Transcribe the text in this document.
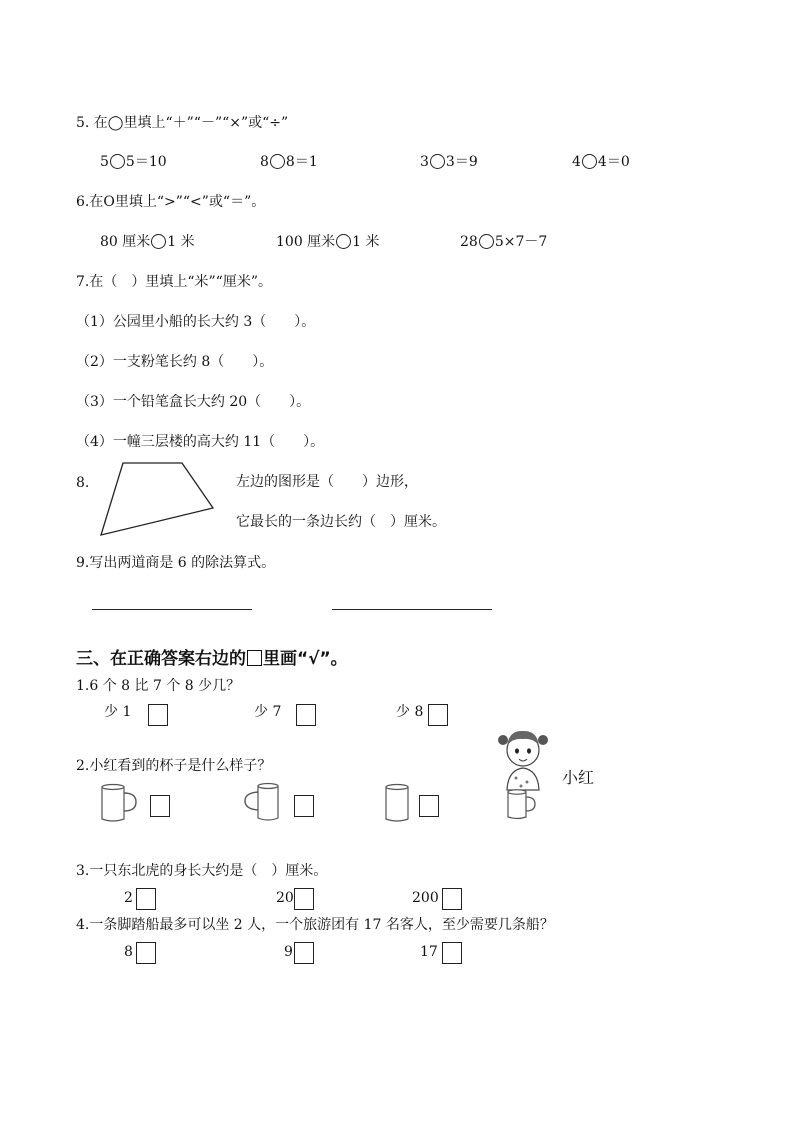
5. 在◯里填上“＋”“－”“×”或“÷”
5 5＝10	8 8＝1	3 3＝9	4 4＝0
6.在O里填上“>”“<”或“＝”。
80 厘米 1 米	100 厘米 1 米	28 5×7－7
7.在（　）里填上“米”“厘米”。
（1）公园里小船的长大约 3（　　）。
（2）一支粉笔长约 8（　　）。
（3）一个铅笔盒长大约 20（　　）。
（4）一幢三层楼的高大约 11（　　）。
8.	左边的图形是（　　）边形，
它最长的一条边长约（　）厘米。
9.写出两道商是 6 的除法算式。
三、在正确答案右边的 里画“√”。
1.6 个 8 比 7 个 8 少几？
少 1	少 7	少 8
小红
2.小红看到的杯子是什么样子？
3.一只东北虎的身长大约是（　）厘米。
2	20	200
4.一条脚踏船最多可以坐 2 人，一个旅游团有 17 名客人，至少需要几条船？
8	9	17
